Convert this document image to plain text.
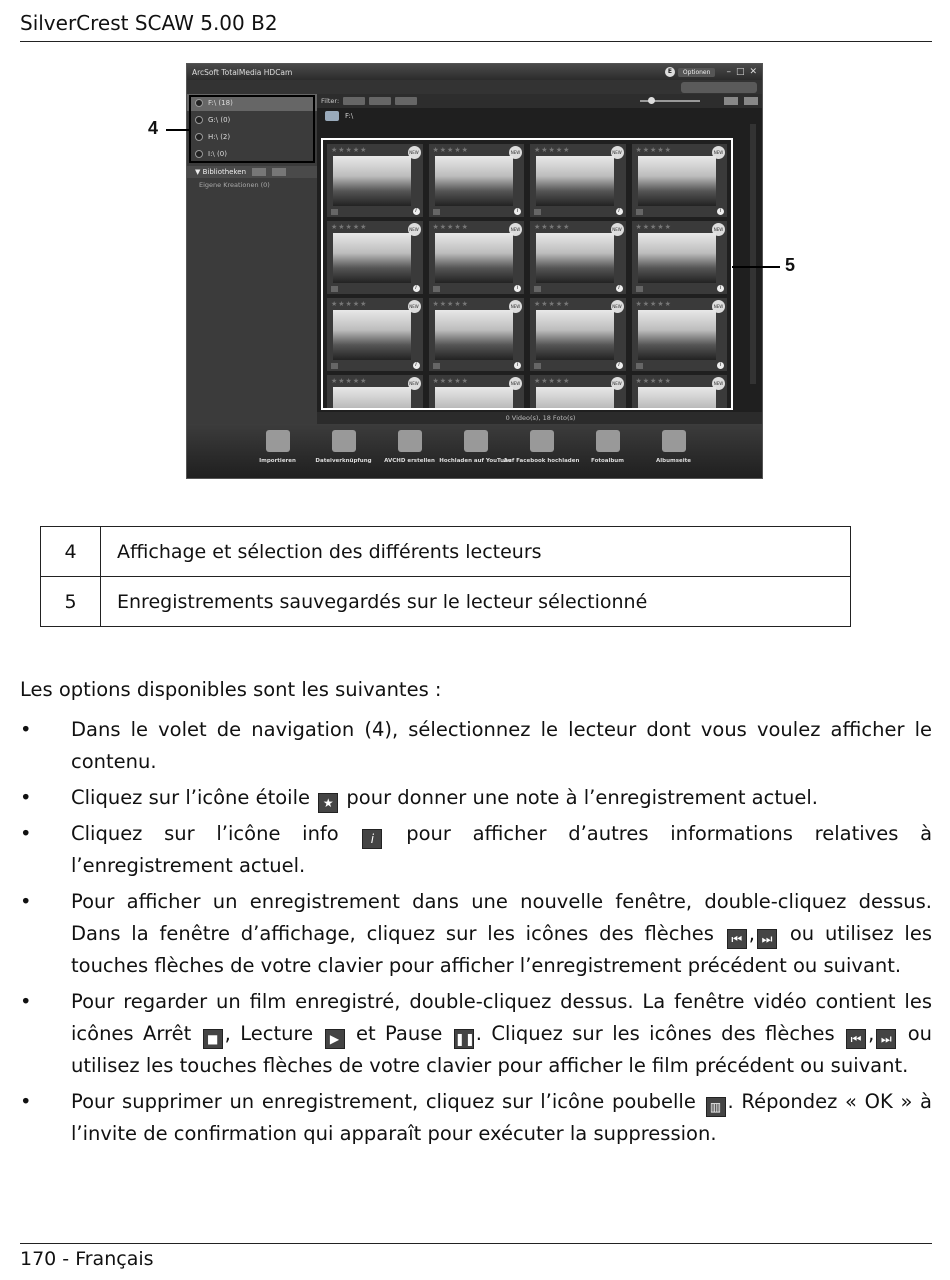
SilverCrest SCAW 5.00 B2
ArcSoft TotalMedia HDCam	E	Optionen	– □ ✕
F:\ (18)
G:\ (0)
H:\ (2)
I:\ (0)
▼ Bibliotheken
Eigene Kreationen (0)
Filter:
F:\
★★★★★	NEW
i
★★★★★	NEW
i
★★★★★	NEW
i
★★★★★	NEW
i
★★★★★	NEW
i
★★★★★	NEW
i
★★★★★	NEW
i
★★★★★	NEW
i
★★★★★	NEW
i
★★★★★	NEW
i
★★★★★	NEW
i
★★★★★	NEW
i
★★★★★	NEW ★★★★★	NEW ★★★★★	NEW ★★★★★	NEW
0 Video(s), 18 Foto(s)
Importieren	Dateiverknüpfung AVCHD erstellen Hochladen auf YouTube
Auf Facebook hochladen Fotoalbum	Albumseite
4
5
4	Affichage et sélection des différents lecteurs
5	Enregistrements sauvegardés sur le lecteur sélectionné

Les options disponibles sont les suivantes :

• Dans le volet de navigation (4), sélectionnez le lecteur dont vous voulez afficher le contenu.
• Cliquez sur l’icône étoile ★ pour donner une note à l’enregistrement actuel.
• Cliquez sur l’icône info	i pour afficher d’autres informations relatives à l’enregistrement actuel.
• Pour afficher un enregistrement dans une nouvelle fenêtre, double-cliquez dessus. Dans la fenêtre d’affichage, cliquez sur les icônes des flèches ⏮ , ⏭ ou utilisez les touches flèches de votre clavier pour afficher l’enregistrement précédent ou suivant.
• Pour regarder un film enregistré, double-cliquez dessus. La fenêtre vidéo contient les icônes Arrêt ■ , Lecture ▶ et Pause ❚❚. Cliquez sur les icônes des flèches ⏮ , ⏭ ou utilisez les touches flèches de votre clavier pour afficher le film précédent ou suivant.
• Pour supprimer un enregistrement, cliquez sur l’icône poubelle ▥ . Répondez « OK » à l’invite de confirmation qui apparaît pour exécuter la suppression.
170 - Français
